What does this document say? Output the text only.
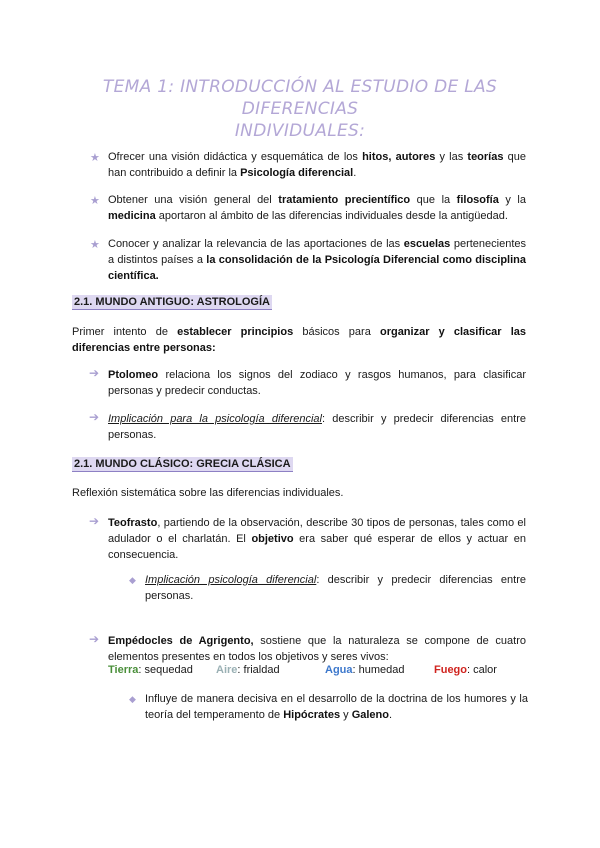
TEMA 1: INTRODUCCIÓN AL ESTUDIO DE LAS DIFERENCIAS
INDIVIDUALES:
★ Ofrecer una visión didáctica y esquemática de los hitos, autores y las teorías que han contribuido a definir la Psicología diferencial.
★ Obtener una visión general del tratamiento precientífico que la filosofía y la medicina aportaron al ámbito de las diferencias individuales desde la antigüedad.
★ Conocer y analizar la relevancia de las aportaciones de las escuelas pertenecientes a distintos países a la consolidación de la Psicología Diferencial como disciplina científica.
2.1. MUNDO ANTIGUO: ASTROLOGÍA
Primer intento de establecer principios básicos para organizar y clasificar las diferencias entre personas:
➔ Ptolomeo relaciona los signos del zodiaco y rasgos humanos, para clasificar personas y predecir conductas.
➔ Implicación para la psicología diferencial: describir y predecir diferencias entre personas.
2.1. MUNDO CLÁSICO: GRECIA CLÁSICA
Reflexión sistemática sobre las diferencias individuales.
➔ Teofrasto, partiendo de la observación, describe 30 tipos de personas, tales como el adulador o el charlatán. El objetivo era saber qué esperar de ellos y actuar en consecuencia.
◆ Implicación psicología diferencial: describir y predecir diferencias entre personas.
➔ Empédocles de Agrigento, sostiene que la naturaleza se compone de cuatro elementos presentes en todos los objetivos y seres vivos:
Tierra: sequedad Aire: frialdad	Agua: humedad	Fuego: calor
◆ Influye de manera decisiva en el desarrollo de la doctrina de los humores y la teoría del temperamento de Hipócrates y Galeno.
